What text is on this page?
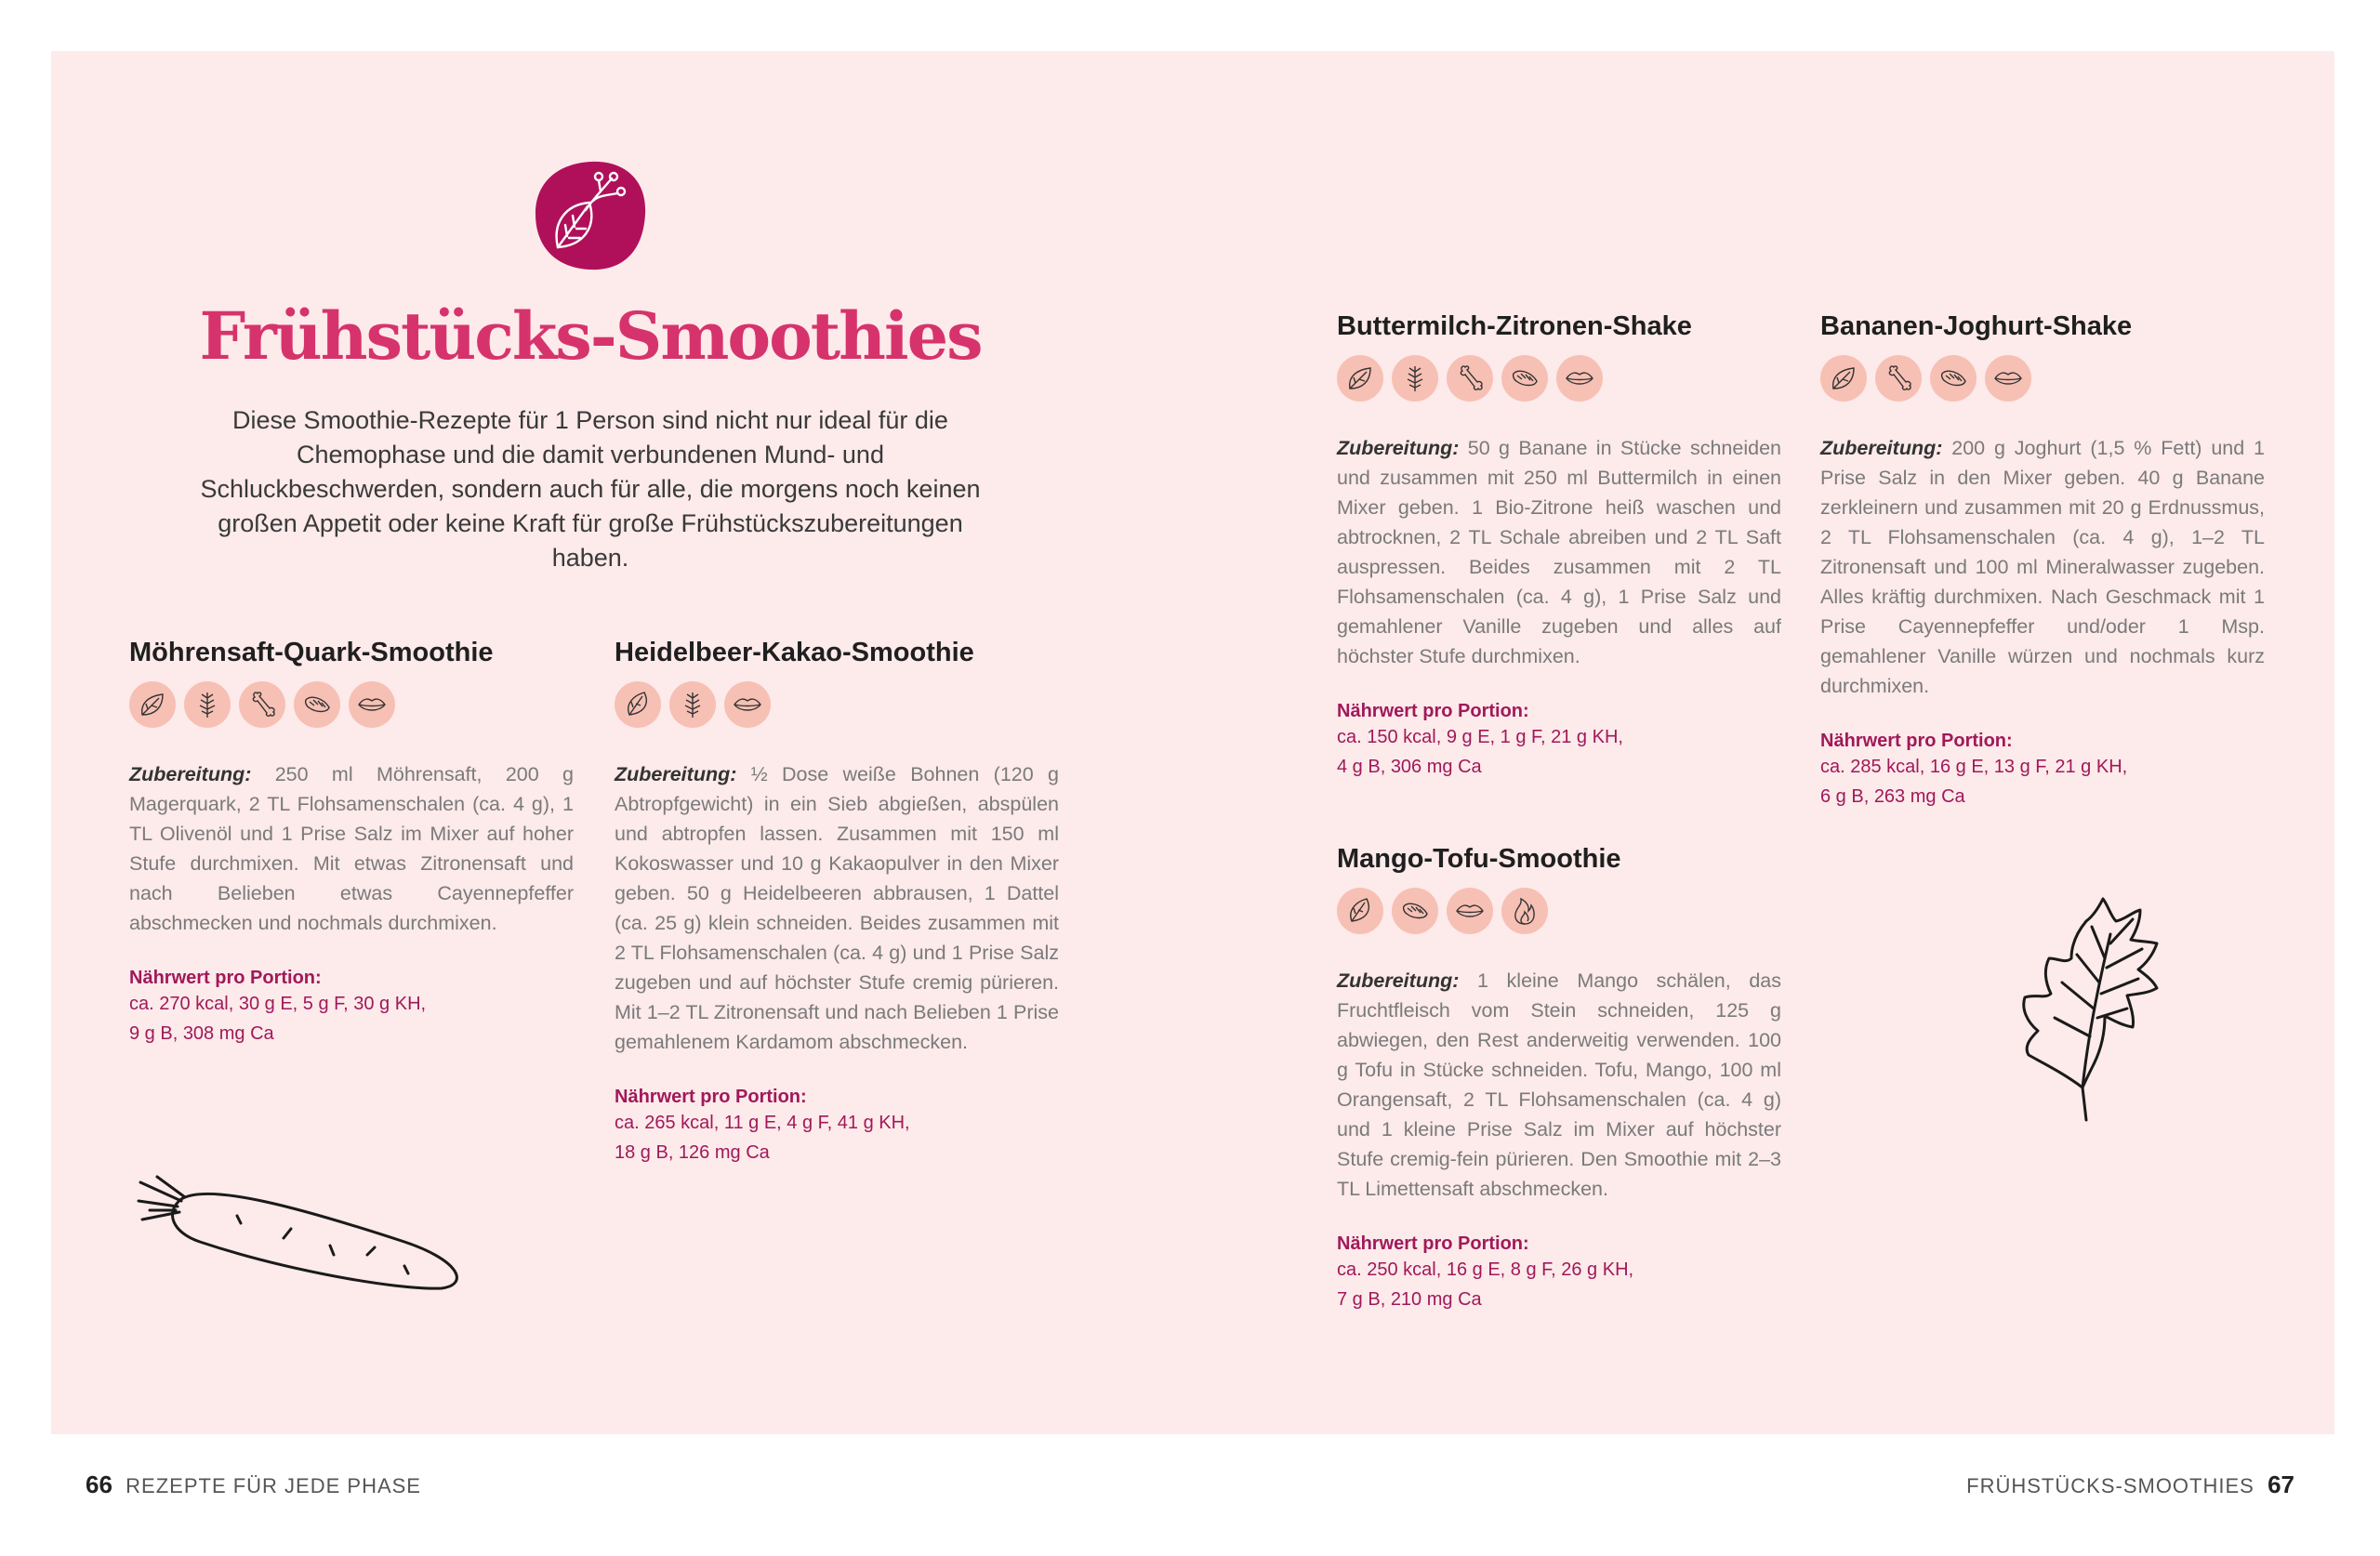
Frühstücks-Smoothies
Diese Smoothie-Rezepte für 1 Person sind nicht nur ideal für die Chemophase und die damit verbundenen Mund- und Schluckbeschwerden, sondern auch für alle, die morgens noch keinen großen Appetit oder keine Kraft für große Frühstückszubereitungen haben.
Möhrensaft-Quark-Smoothie
Zubereitung: 250 ml Möhrensaft, 200 g Magerquark, 2 TL Flohsamenschalen (ca. 4 g), 1 TL Olivenöl und 1 Prise Salz im Mixer auf hoher Stufe durchmixen. Mit etwas Zitronensaft und nach Belieben etwas Cayennepfeffer abschmecken und nochmals durchmixen.
Nährwert pro Portion:
ca. 270 kcal, 30 g E, 5 g F, 30 g KH,
9 g B, 308 mg Ca
Heidelbeer-Kakao-Smoothie
Zubereitung: ½ Dose weiße Bohnen (120 g Abtropfgewicht) in ein Sieb abgießen, abspülen und abtropfen lassen. Zusammen mit 150 ml Kokoswasser und 10 g Kakaopulver in den Mixer geben. 50 g Heidelbeeren abbrausen, 1 Dattel (ca. 25 g) klein schneiden. Beides zusammen mit 2 TL Flohsamenschalen (ca. 4 g) und 1 Prise Salz zugeben und auf höchster Stufe cremig pürieren. Mit 1–2 TL Zitronensaft und nach Belieben 1 Prise gemahlenem Kardamom abschmecken.
Nährwert pro Portion:
ca. 265 kcal, 11 g E, 4 g F, 41 g KH,
18 g B, 126 mg Ca
Buttermilch-Zitronen-Shake
Zubereitung: 50 g Banane in Stücke schneiden und zusammen mit 250 ml Buttermilch in einen Mixer geben. 1 Bio-Zitrone heiß waschen und abtrocknen, 2 TL Schale abreiben und 2 TL Saft auspressen. Beides zusammen mit 2 TL Flohsamenschalen (ca. 4 g), 1 Prise Salz und gemahlener Vanille zugeben und alles auf höchster Stufe durchmixen.
Nährwert pro Portion:
ca. 150 kcal, 9 g E, 1 g F, 21 g KH,
4 g B, 306 mg Ca
Bananen-Joghurt-Shake
Zubereitung: 200 g Joghurt (1,5 % Fett) und 1 Prise Salz in den Mixer geben. 40 g Banane zerkleinern und zusammen mit 20 g Erdnussmus, 2 TL Flohsamenschalen (ca. 4 g), 1–2 TL Zitronensaft und 100 ml Mineralwasser zugeben. Alles kräftig durchmixen. Nach Geschmack mit 1 Prise Cayennepfeffer und/oder 1 Msp. gemahlener Vanille würzen und nochmals kurz durchmixen.
Nährwert pro Portion:
ca. 285 kcal, 16 g E, 13 g F, 21 g KH,
6 g B, 263 mg Ca
Mango-Tofu-Smoothie
Zubereitung: 1 kleine Mango schälen, das Fruchtfleisch vom Stein schneiden, 125 g abwiegen, den Rest anderweitig verwenden. 100 g Tofu in Stücke schneiden. Tofu, Mango, 100 ml Orangensaft, 2 TL Flohsamenschalen (ca. 4 g) und 1 kleine Prise Salz im Mixer auf höchster Stufe cremig-fein pürieren. Den Smoothie mit 2–3 TL Limettensaft abschmecken.
Nährwert pro Portion:
ca. 250 kcal, 16 g E, 8 g F, 26 g KH,
7 g B, 210 mg Ca
66 REZEPTE FÜR JEDE PHASE	FRÜHSTÜCKS-SMOOTHIES 67
